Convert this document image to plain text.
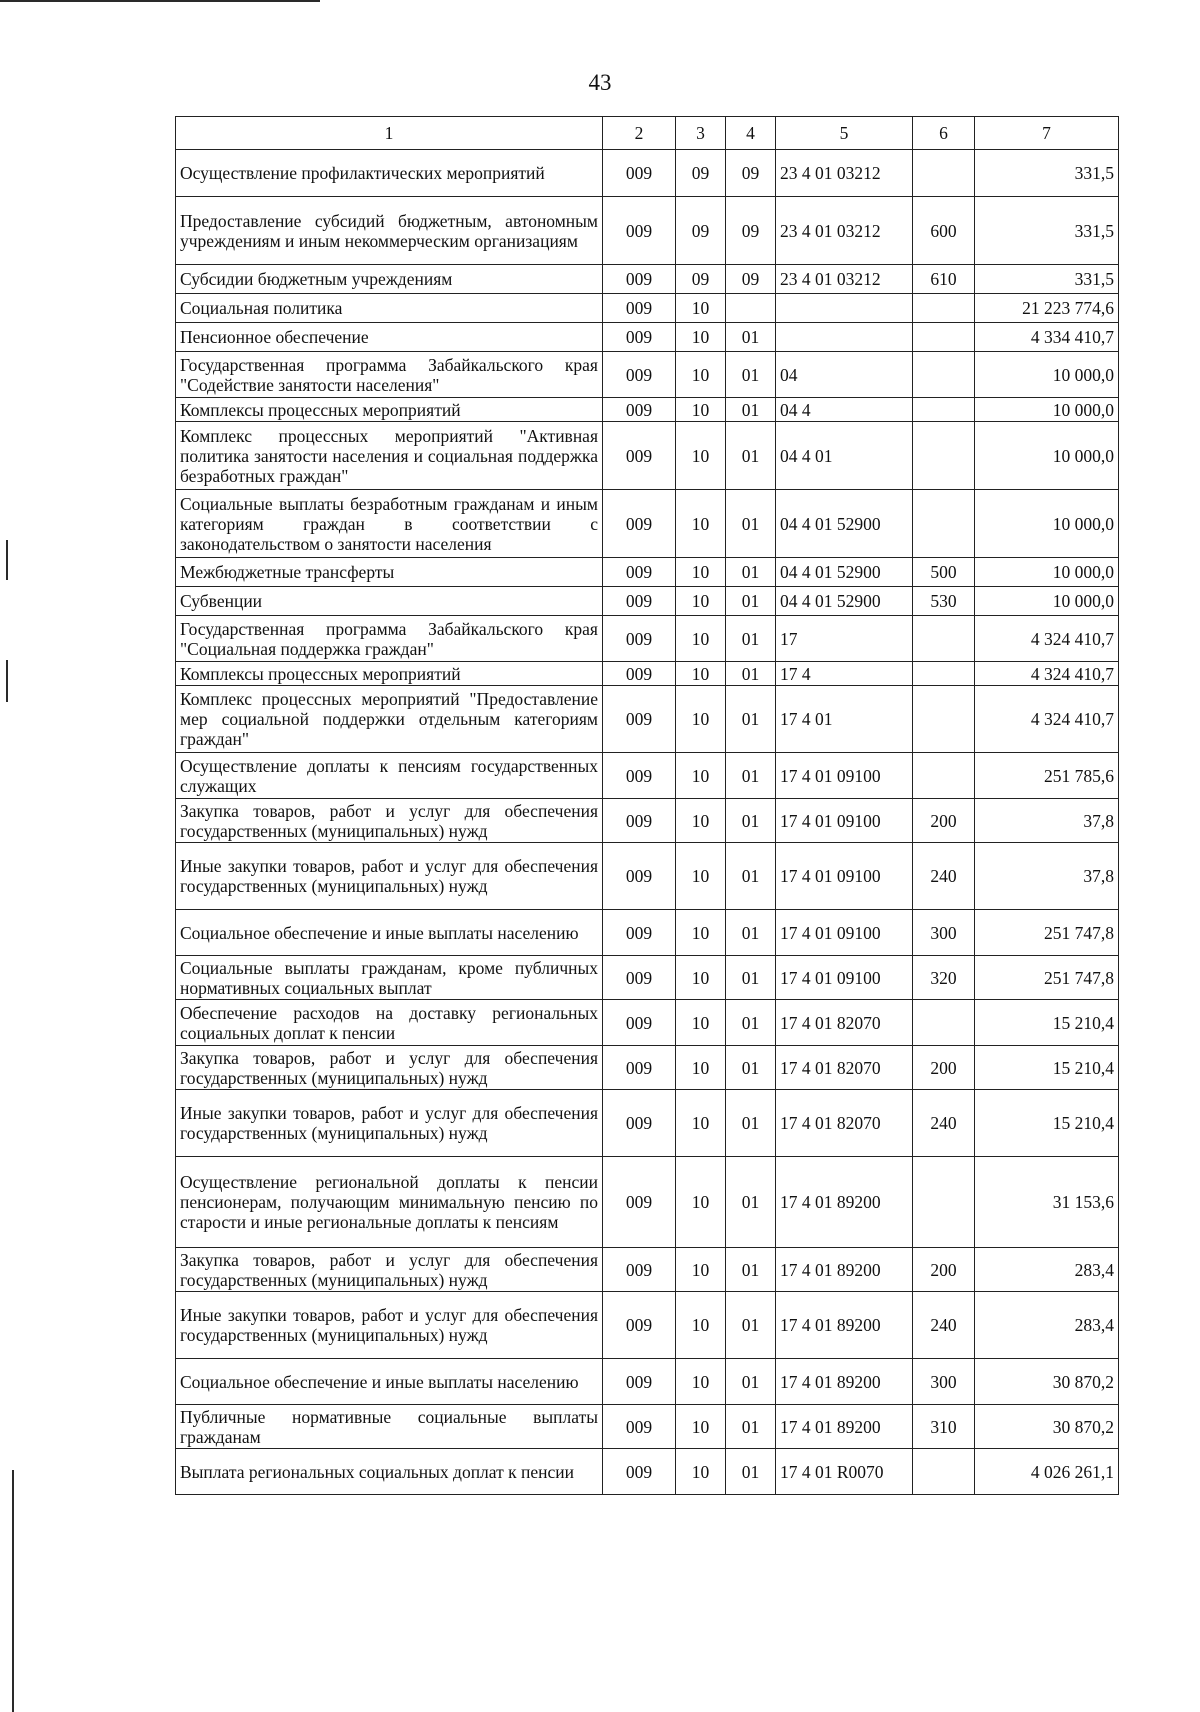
43
1	2	3	4	5	6	7
Осуществление профилактических мероприятий	009	09	09	23 4 01 03212		331,5
Предоставление субсидий бюджетным, автономным учреждениям и иным некоммерческим организациям	009	09	09	23 4 01 03212	600	331,5
Субсидии бюджетным учреждениям	009	09	09	23 4 01 03212	610	331,5
Социальная политика	009	10				21 223 774,6
Пенсионное обеспечение	009	10	01			4 334 410,7
Государственная программа Забайкальского края "Содействие занятости населения"	009	10	01	04		10 000,0
Комплексы процессных мероприятий	009	10	01	04 4		10 000,0
Комплекс процессных мероприятий "Активная политика занятости населения и социальная поддержка безработных граждан"	009	10	01	04 4 01		10 000,0
Социальные выплаты безработным гражданам и иным категориям граждан в соответствии с законодательством о занятости населения	009	10	01	04 4 01 52900		10 000,0
Межбюджетные трансферты	009	10	01	04 4 01 52900	500	10 000,0
Субвенции	009	10	01	04 4 01 52900	530	10 000,0
Государственная программа Забайкальского края "Социальная поддержка граждан"	009	10	01	17		4 324 410,7
Комплексы процессных мероприятий	009	10	01	17 4		4 324 410,7
Комплекс процессных мероприятий "Предоставление мер социальной поддержки отдельным категориям граждан"	009	10	01	17 4 01		4 324 410,7
Осуществление доплаты к пенсиям государственных служащих	009	10	01	17 4 01 09100		251 785,6
Закупка товаров, работ и услуг для обеспечения государственных (муниципальных) нужд	009	10	01	17 4 01 09100	200	37,8
Иные закупки товаров, работ и услуг для обеспечения государственных (муниципальных) нужд	009	10	01	17 4 01 09100	240	37,8
Социальное обеспечение и иные выплаты населению	009	10	01	17 4 01 09100	300	251 747,8
Социальные выплаты гражданам, кроме публичных нормативных социальных выплат	009	10	01	17 4 01 09100	320	251 747,8
Обеспечение расходов на доставку региональных социальных доплат к пенсии	009	10	01	17 4 01 82070		15 210,4
Закупка товаров, работ и услуг для обеспечения государственных (муниципальных) нужд	009	10	01	17 4 01 82070	200	15 210,4
Иные закупки товаров, работ и услуг для обеспечения государственных (муниципальных) нужд	009	10	01	17 4 01 82070	240	15 210,4
Осуществление региональной доплаты к пенсии пенсионерам, получающим минимальную пенсию по старости и иные региональные доплаты к пенсиям	009	10	01	17 4 01 89200		31 153,6
Закупка товаров, работ и услуг для обеспечения государственных (муниципальных) нужд	009	10	01	17 4 01 89200	200	283,4
Иные закупки товаров, работ и услуг для обеспечения государственных (муниципальных) нужд	009	10	01	17 4 01 89200	240	283,4
Социальное обеспечение и иные выплаты населению	009	10	01	17 4 01 89200	300	30 870,2
Публичные нормативные социальные выплаты гражданам	009	10	01	17 4 01 89200	310	30 870,2
Выплата региональных социальных доплат к пенсии	009	10	01	17 4 01 R0070		4 026 261,1
